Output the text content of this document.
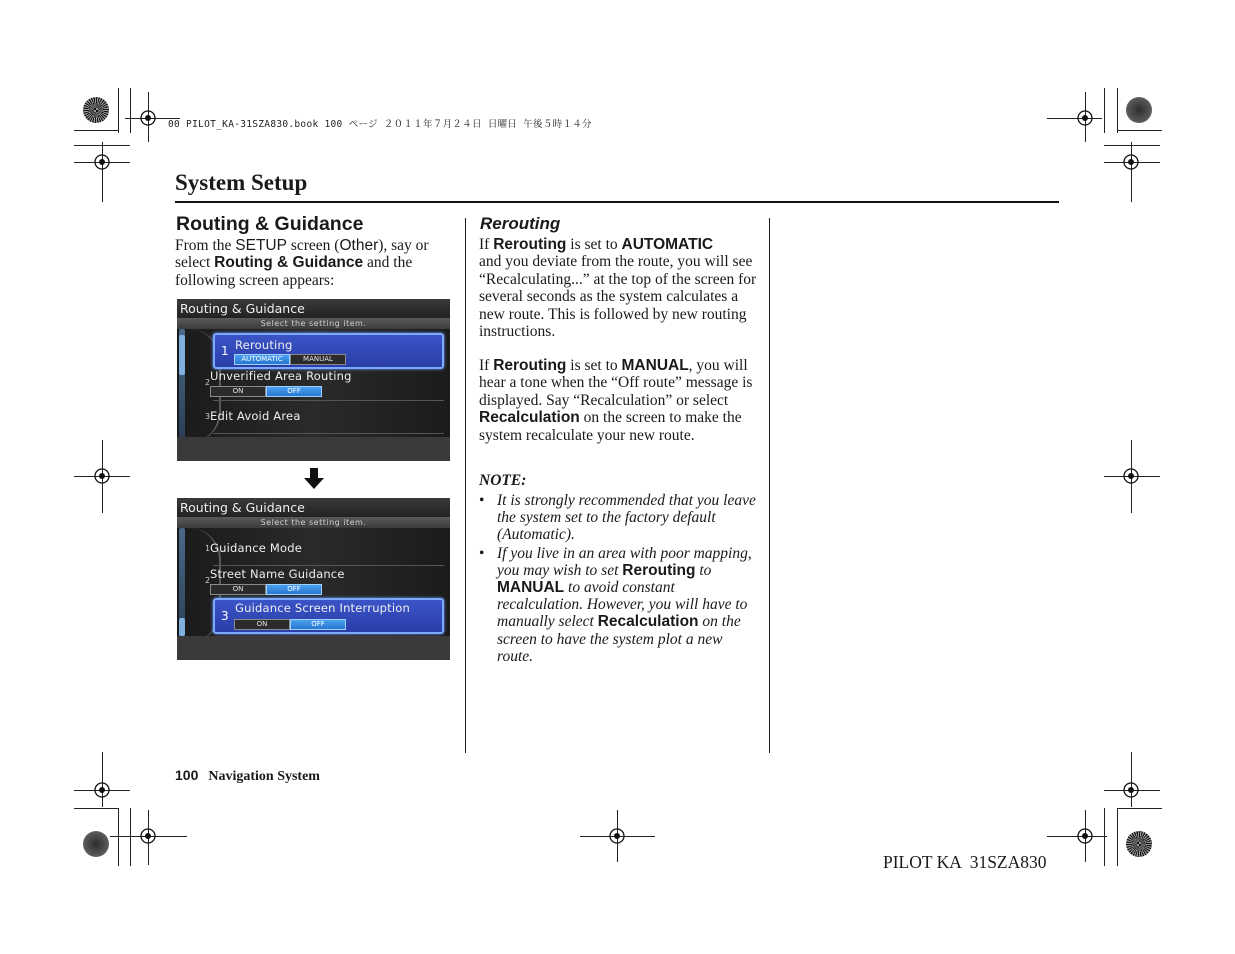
00 PILOT_KA-31SZA830.book 100 ページ ２０１１年７月２４日 日曜日 午後５時１４分
System Setup
Routing & Guidance
From the SETUP screen (Other), say or select Routing & Guidance and the following screen appears:
Routing & Guidance
Select the setting item.
1 Rerouting
AUTOMATIC	MANUAL
2 Unverified Area Routing
ON	OFF
3 Edit Avoid Area
Routing & Guidance
Select the setting item.
1 Guidance Mode
2 Street Name Guidance
ON	OFF
3
Guidance Screen Interruption
ON	OFF
Rerouting
If Rerouting is set to AUTOMATIC
and you deviate from the route, you will see “Recalculating...” at the top of the screen for several seconds as the system calculates a new route. This is followed by new routing instructions.
If Rerouting is set to MANUAL, you will hear a tone when the “Off route” message is displayed. Say “Recalculation” or select Recalculation on the screen to make the system recalculate your new route.
NOTE:
• It is strongly recommended that you leave the system set to the factory default (Automatic).
• If you live in an area with poor mapping, you may wish to set Rerouting to MANUAL to avoid constant recalculation. However, you will have to manually select Recalculation on the screen to have the system plot a new route.
100 Navigation System
PILOT KA  31SZA830
